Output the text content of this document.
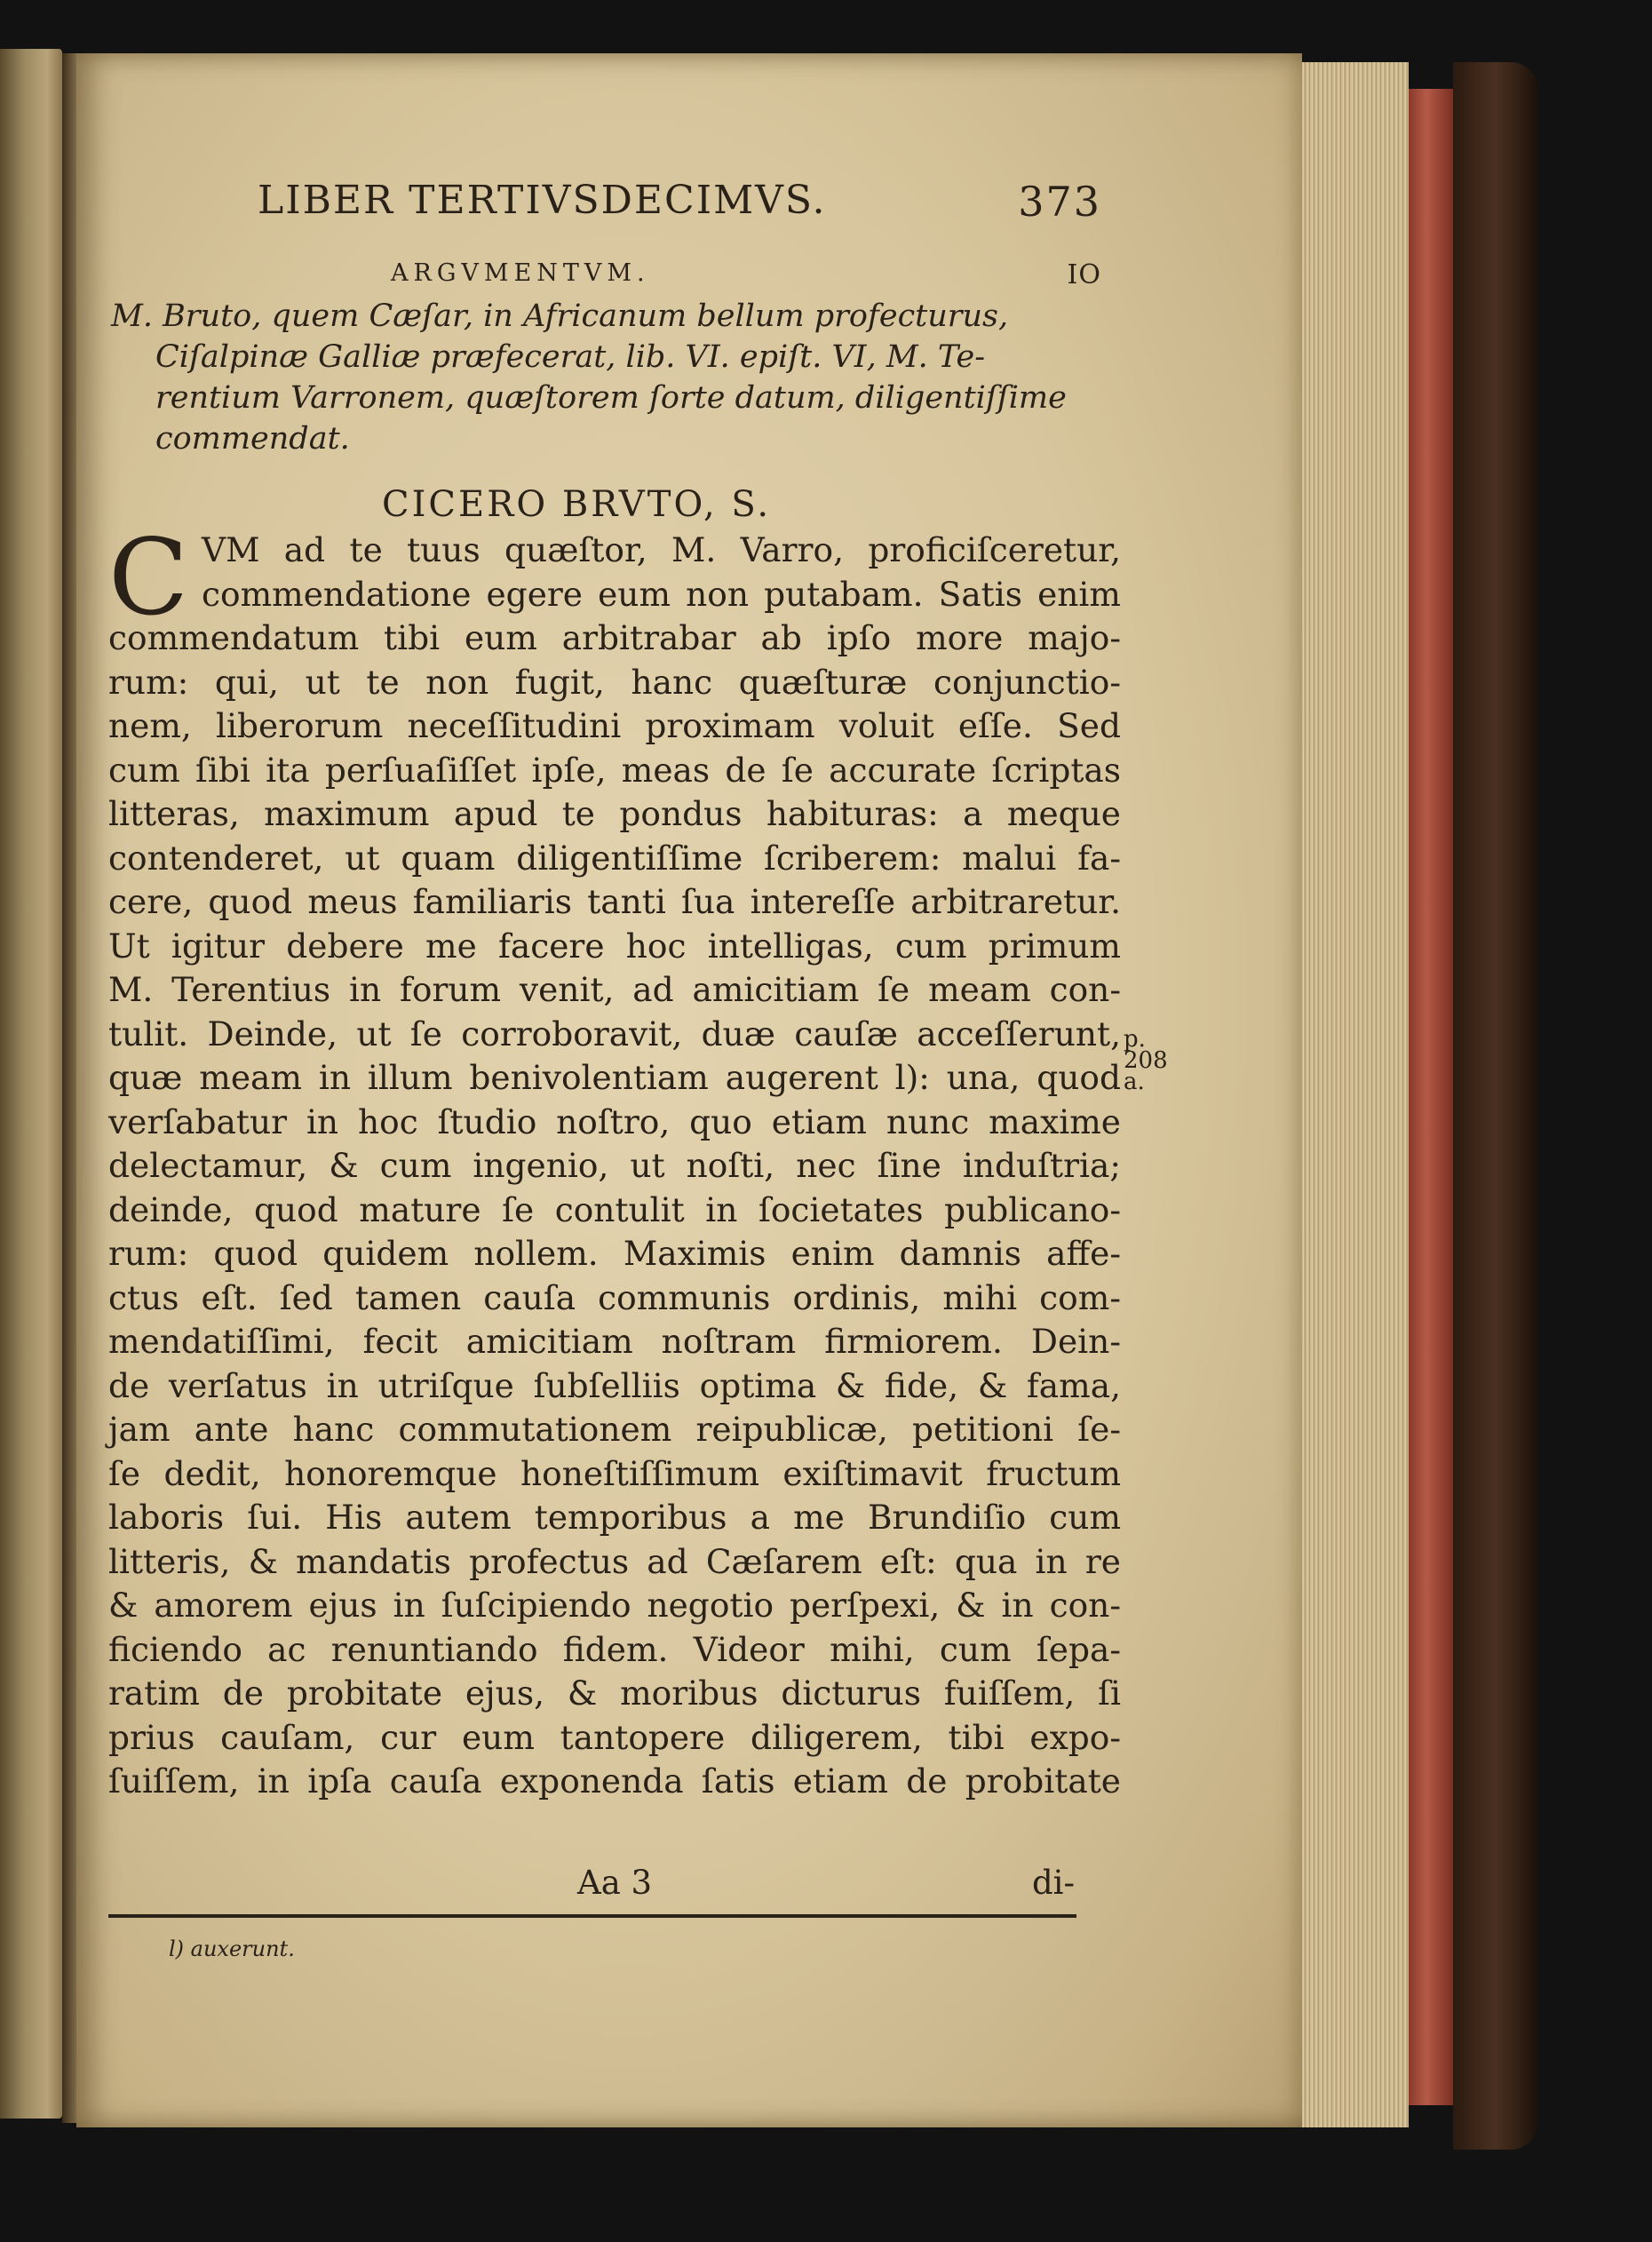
LIBER TERTIVSDECIMVS.	373
ARGVMENTVM.	IO
M. Bruto, quem Cæſar, in Africanum bellum profecturus,
Ciſalpinæ Galliæ præfecerat, lib. VI. epiſt. VI, M. Te-
rentium Varronem, quæſtorem ſorte datum, diligentiſſime
commendat.
CICERO BRVTO, S.
C VM ad te tuus quæſtor, M. Varro, proficiſceretur,
commendatione egere eum non putabam. Satis enim
commendatum tibi eum arbitrabar ab ipſo more majo-
rum: qui, ut te non fugit, hanc quæſturæ conjunctio-
nem, liberorum neceſſitudini proximam voluit eſſe. Sed
cum ſibi ita perſuaſiſſet ipſe, meas de ſe accurate ſcriptas
litteras, maximum apud te pondus habituras: a meque
contenderet, ut quam diligentiſſime ſcriberem: malui fa-
cere, quod meus familiaris tanti ſua intereſſe arbitraretur.
Ut igitur debere me facere hoc intelligas, cum primum
M. Terentius in forum venit, ad amicitiam ſe meam con-
tulit. Deinde, ut ſe corroboravit, duæ cauſæ acceſſerunt,
quæ meam in illum benivolentiam augerent l): una, quod
verſabatur in hoc ſtudio noſtro, quo etiam nunc maxime
delectamur, & cum ingenio, ut noſti, nec ſine induſtria;
deinde, quod mature ſe contulit in ſocietates publicano-
rum: quod quidem nollem. Maximis enim damnis affe-
ctus eſt. ſed tamen cauſa communis ordinis, mihi com-
mendatiſſimi, fecit amicitiam noſtram firmiorem. Dein-
de verſatus in utriſque ſubſelliis optima & fide, & fama,
jam ante hanc commutationem reipublicæ, petitioni ſe-
ſe dedit, honoremque honeſtiſſimum exiſtimavit fructum
laboris ſui. His autem temporibus a me Brundiſio cum
litteris, & mandatis profectus ad Cæſarem eſt: qua in re
& amorem ejus in ſuſcipiendo negotio perſpexi, & in con-
ficiendo ac renuntiando fidem. Videor mihi, cum ſepa-
ratim de probitate ejus, & moribus dicturus fuiſſem, ſi
prius cauſam, cur eum tantopere diligerem, tibi expo-
ſuiſſem, in ipſa cauſa exponenda ſatis etiam de probitate
p.
208
a.
Aa 3	di-
l) auxerunt.
